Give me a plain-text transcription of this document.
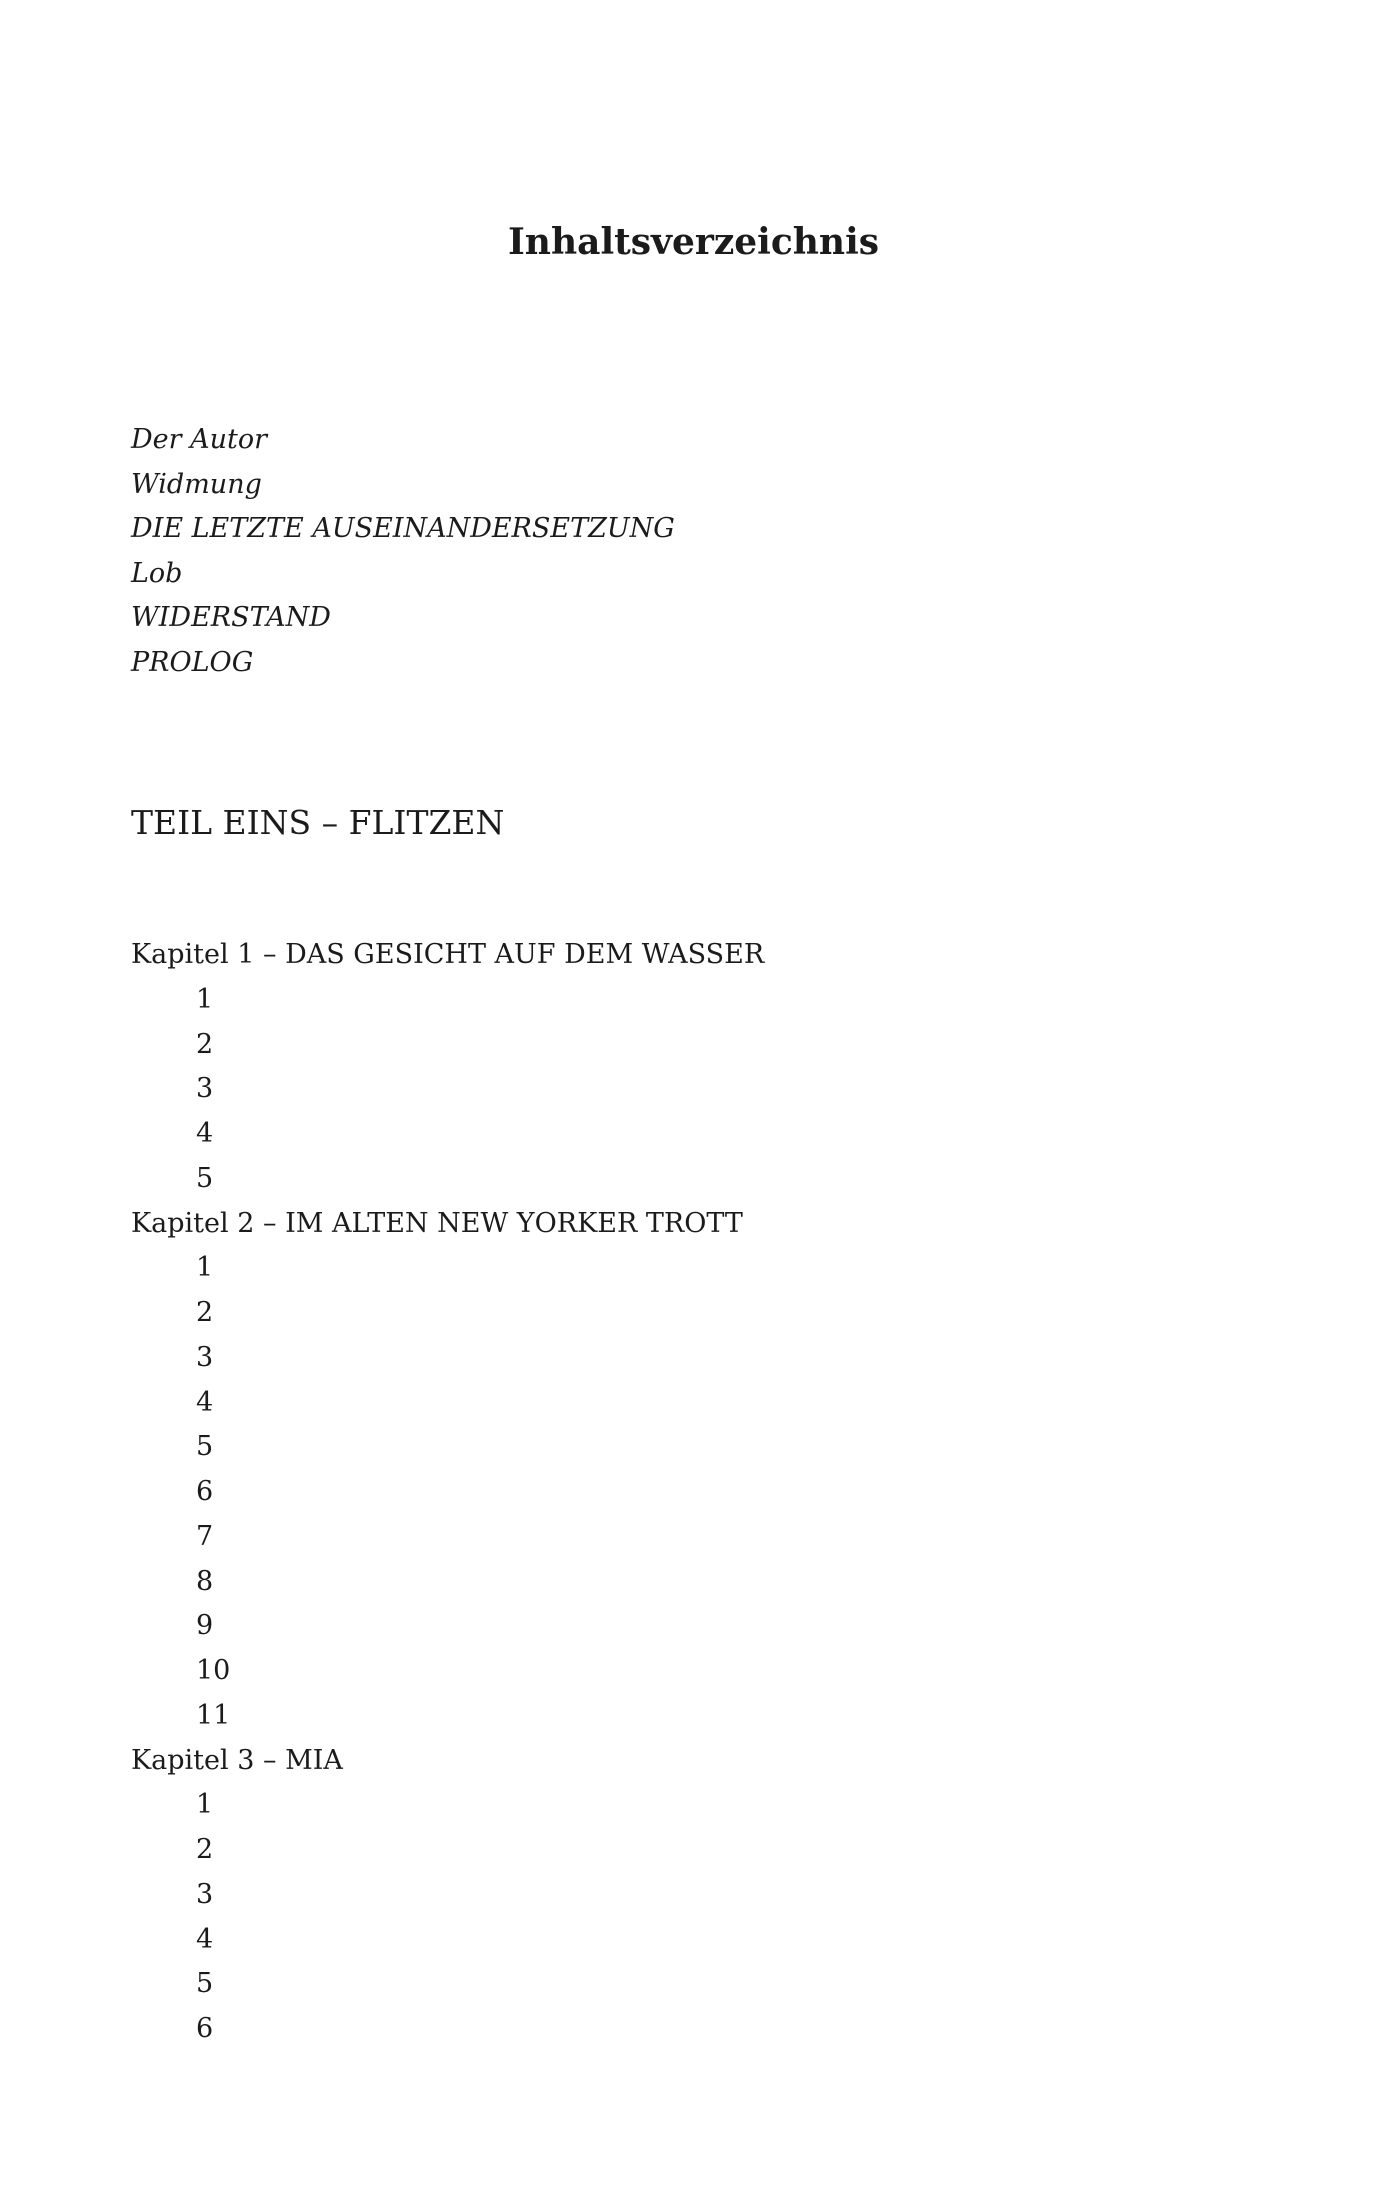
Inhaltsverzeichnis
Der Autor
Widmung
DIE LETZTE AUSEINANDERSETZUNG
Lob
WIDERSTAND
PROLOG
TEIL EINS – FLITZEN
Kapitel 1 – DAS GESICHT AUF DEM WASSER
1
2
3
4
5
Kapitel 2 – IM ALTEN NEW YORKER TROTT
1
2
3
4
5
6
7
8
9
10
11
Kapitel 3 – MIA
1
2
3
4
5
6
